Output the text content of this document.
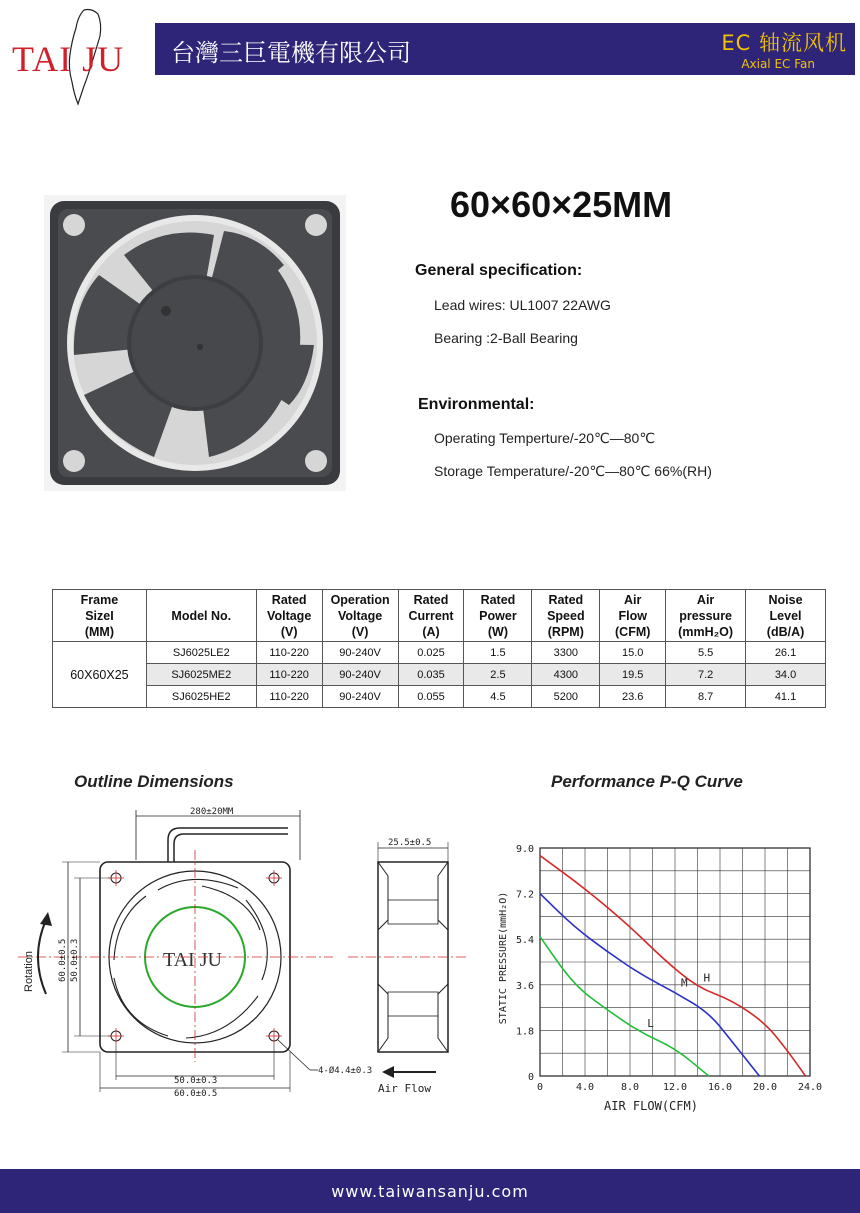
TAI JU 台灣三巨電機有限公司	EC 轴流风机
Axial EC Fan
60×60×25MM
General specification:
Lead wires: UL1007 22AWG
Bearing :2-Ball Bearing
Environmental:
Operating Temperture/-20℃—80℃
Storage Temperature/-20℃—80℃ 66%(RH)
Frame
SizeI
(MM)	Model No.	Rated
Voltage
(V)	Operation
Voltage
(V)	Rated
Current
(A)	Rated
Power
(W)	Rated
Speed
(RPM)	Air
Flow
(CFM)	Air
pressure
(mmH₂O)	Noise
Level
(dB/A)
60X60X25	SJ6025LE2	110-220	90-240V	0.025	1.5	3300	15.0	5.5	26.1
	SJ6025ME2	110-220	90-240V	0.035	2.5	4300	19.5	7.2	34.0
	SJ6025HE2	110-220	90-240V	0.055	4.5	5200	23.6	8.7	41.1
Outline Dimensions	Performance P-Q Curve
280±20MM
TAI JU
60.0±0.5 50.0±0.3
Rotation
50.0±0.3
60.0±0.5
4-Ø4.4±0.3
25.5±0.5
Air Flow
H
M
L
0	4.0	8.0 12.0 16.0 20.0 24.0
0
1.8
3.6
5.4
7.2
9.0
AIR FLOW(CFM)
STATIC PRESSURE(mmH₂O)
www.taiwansanju.com
